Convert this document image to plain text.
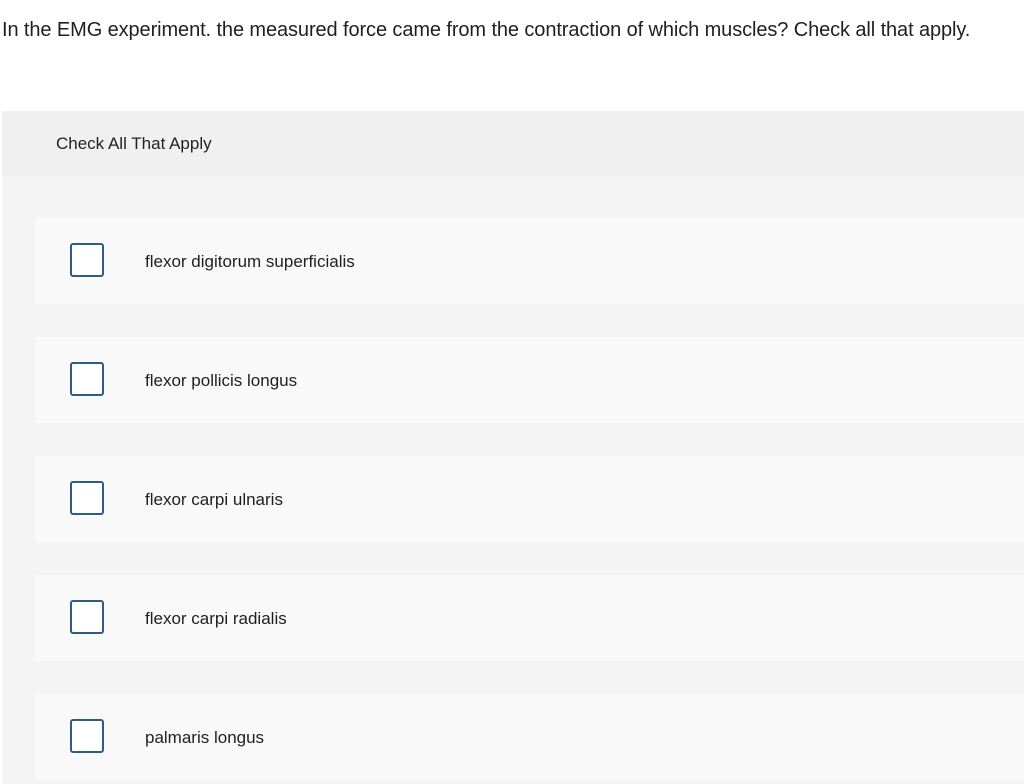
In the EMG experiment. the measured force came from the contraction of which muscles? Check all that apply.
Check All That Apply
flexor digitorum superficialis
flexor pollicis longus
flexor carpi ulnaris
flexor carpi radialis
palmaris longus
